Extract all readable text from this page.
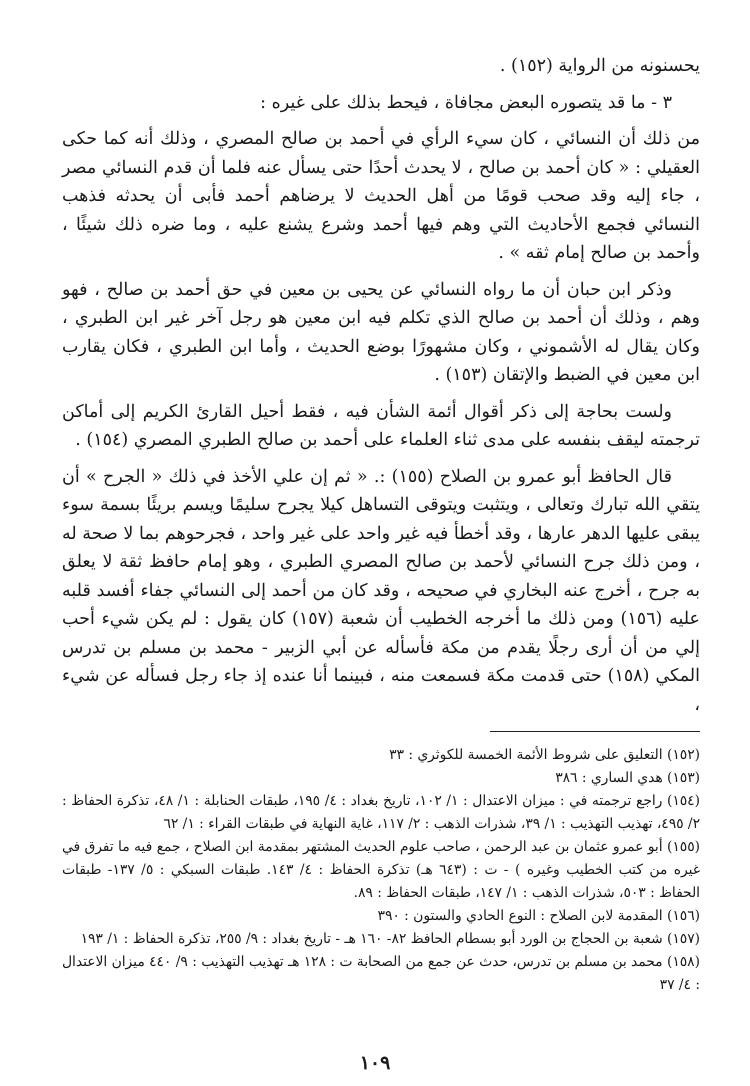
يحسنونه من الرواية (١٥٢) .

٣ - ما قد يتصوره البعض مجافاة ، فيحط بذلك على غيره :

من ذلك أن النسائي ، كان سيء الرأي في أحمد بن صالح المصري ، وذلك أنه كما حكى العقيلي : « كان أحمد بن صالح ، لا يحدث أحدًا حتى يسأل عنه فلما أن قدم النسائي مصر ، جاء إليه وقد صحب قومًا من أهل الحديث لا يرضاهم أحمد فأبى أن يحدثه فذهب النسائي فجمع الأحاديث التي وهم فيها أحمد وشرع يشنع عليه ، وما ضره ذلك شيئًا ، وأحمد بن صالح إمام ثقه » .

وذكر ابن حبان أن ما رواه النسائي عن يحيى بن معين في حق أحمد بن صالح ، فهو وهم ، وذلك أن أحمد بن صالح الذي تكلم فيه ابن معين هو رجل آخر غير ابن الطبري ، وكان يقال له الأشموني ، وكان مشهورًا بوضع الحديث ، وأما ابن الطبري ، فكان يقارب ابن معين في الضبط والإتقان (١٥٣) .

ولست بحاجة إلى ذكر أقوال أئمة الشأن فيه ، فقط أحيل القارئ الكريم إلى أماكن ترجمته ليقف بنفسه على مدى ثناء العلماء على أحمد بن صالح الطبري المصري (١٥٤) .

قال الحافظ أبو عمرو بن الصلاح (١٥٥) :. « ثم إن علي الأخذ في ذلك « الجرح » أن يتقي الله تبارك وتعالى ، ويتثبت ويتوقى التساهل كيلا يجرح سليمًا ويسم بريئًا بسمة سوء يبقى عليها الدهر عارها ، وقد أخطأ فيه غير واحد على غير واحد ، فجرحوهم بما لا صحة له ، ومن ذلك جرح النسائي لأحمد بن صالح المصري الطبري ، وهو إمام حافظ ثقة لا يعلق به جرح ، أخرج عنه البخاري في صحيحه ، وقد كان من أحمد إلى النسائي جفاء أفسد قلبه عليه (١٥٦) ومن ذلك ما أخرجه الخطيب أن شعبة (١٥٧) كان يقول : لم يكن شيء أحب إلي من أن أرى رجلًا يقدم من مكة فأسأله عن أبي الزبير - محمد بن مسلم بن تدرس المكي (١٥٨) حتى قدمت مكة فسمعت منه ، فبينما أنا عنده إذ جاء رجل فسأله عن شيء ،

(١٥٢) التعليق على شروط الأئمة الخمسة للكوثري : ٣٣

(١٥٣) هدي الساري : ٣٨٦

(١٥٤) راجع ترجمته في : ميزان الاعتدال : ١/ ١٠٢، تاريخ بغداد : ٤/ ١٩٥، طبقات الحنابلة : ١/ ٤٨، تذكرة الحفاظ : ٢/ ٤٩٥، تهذيب التهذيب : ١/ ٣٩، شذرات الذهب : ٢/ ١١٧، غاية النهاية في طبقات القراء : ١/ ٦٢

(١٥٥) أبو عمرو عثمان بن عبد الرحمن ، صاحب علوم الحديث المشتهر بمقدمة ابن الصلاح ، جمع فيه ما تفرق في غيره من كتب الخطيب وغيره ) - ت : (٦٤٣ هـ) تذكرة الحفاظ : ٤/ ١٤٣. طبقات السبكي : ٥/ ١٣٧- طبقات الحفاظ : ٥٠٣، شذرات الذهب : ١/ ١٤٧، طبقات الحفاظ : ٨٩.

(١٥٦) المقدمة لابن الصلاح : النوع الحادي والستون : ٣٩٠

(١٥٧) شعبة بن الحجاج بن الورد أبو بسطام الحافظ ٨٢- ١٦٠ هـ - تاريخ بغداد : ٩/ ٢٥٥، تذكرة الحفاظ : ١/ ١٩٣

(١٥٨) محمد بن مسلم بن تدرس، حدث عن جمع من الصحابة ت : ١٢٨ هـ تهذيب التهذيب : ٩/ ٤٤٠ ميزان الاعتدال : ٤/ ٣٧

١٠٩
